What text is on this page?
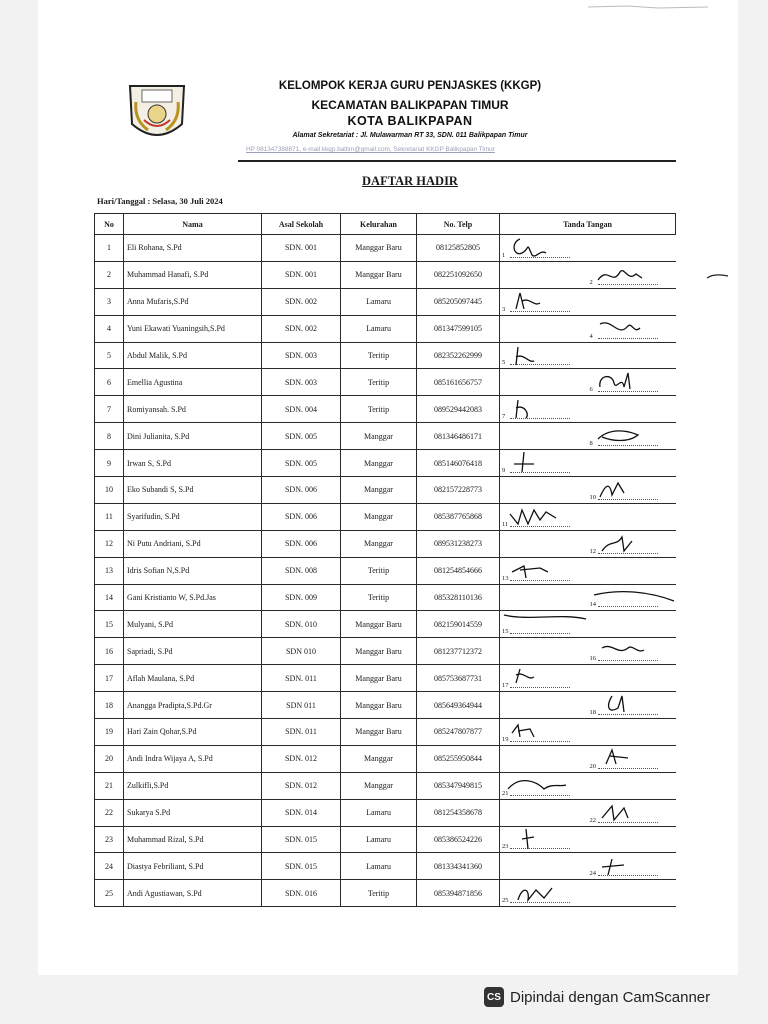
KELOMPOK KERJA GURU PENJASKES (KKGP)
KECAMATAN BALIKPAPAN TIMUR
KOTA BALIKPAPAN
Alamat Sekretariat : Jl. Mulawarman RT 33, SDN. 011 Balikpapan Timur
HP 081347388871, e-mail kkgp.baltim@gmail.com, Sekretariat KKGP Balikpapan Timur
DAFTAR HADIR
Hari/Tanggal : Selasa, 30 Juli 2024
No	Nama	Asal Sekolah	Kelurahan	No. Telp	Tanda Tangan	
1	Eli Rohana, S.Pd	SDN. 001	Manggar Baru	08125852805	1	

2	Muhammad Hanafi, S.Pd	SDN. 001	Manggar Baru	082251092650		2

3	Anna Mufaris,S.Pd	SDN. 002	Lamaru	085205097445	3	

4	Yuni Ekawati Yuaningsih,S.Pd	SDN. 002	Lamaru	081347599105		4

5	Abdul Malik, S.Pd	SDN. 003	Teritip	082352262999	5	

6	Emellia Agustina	SDN. 003	Teritip	085161656757		6

7	Romiyansah. S.Pd	SDN. 004	Teritip	089529442083	7	

8	Dini Julianita, S.Pd	SDN. 005	Manggar	081346486171		8

9	Irwan S, S.Pd	SDN. 005	Manggar	085146076418	9	

10	Eko Subandi S, S.Pd	SDN. 006	Manggar	082157228773		10

11	Syarifudin, S.Pd	SDN. 006	Manggar	085387765868	11	

12	Ni Putu Andriani, S.Pd	SDN. 006	Manggar	089531238273		12

13	Idris Sofian N,S.Pd	SDN. 008	Teritip	081254854666	13	

14	Gani Kristianto W, S.Pd.Jas	SDN. 009	Teritip	085328110136		14

15	Mulyani, S.Pd	SDN. 010	Manggar Baru	082159014559	15	

16	Sapriadi, S.Pd	SDN 010	Manggar Baru	081237712372		16

17	Aflah Maulana, S.Pd	SDN. 011	Manggar Baru	085753687731	17	

18	Anangga Pradipta,S.Pd.Gr	SDN 011	Manggar Baru	085649364944		18

19	Hari Zain Qohar,S.Pd	SDN. 011	Manggar Baru	085247807877	19	

20	Andi Indra Wijaya A, S.Pd	SDN. 012	Manggar	085255950844		20

21	Zulkifli,S.Pd	SDN. 012	Manggar	085347949815	21	

22	Sukarya S.Pd	SDN. 014	Lamaru	081254358678		22

23	Muhammad Rizal, S.Pd	SDN. 015	Lamaru	085386524226	23	

24	Diastya Febriliant, S.Pd	SDN. 015	Lamaru	081334341360		24

25	Andi Agustiawan, S.Pd	SDN. 016	Teritip	085394871856	25	

CS Dipindai dengan CamScanner
